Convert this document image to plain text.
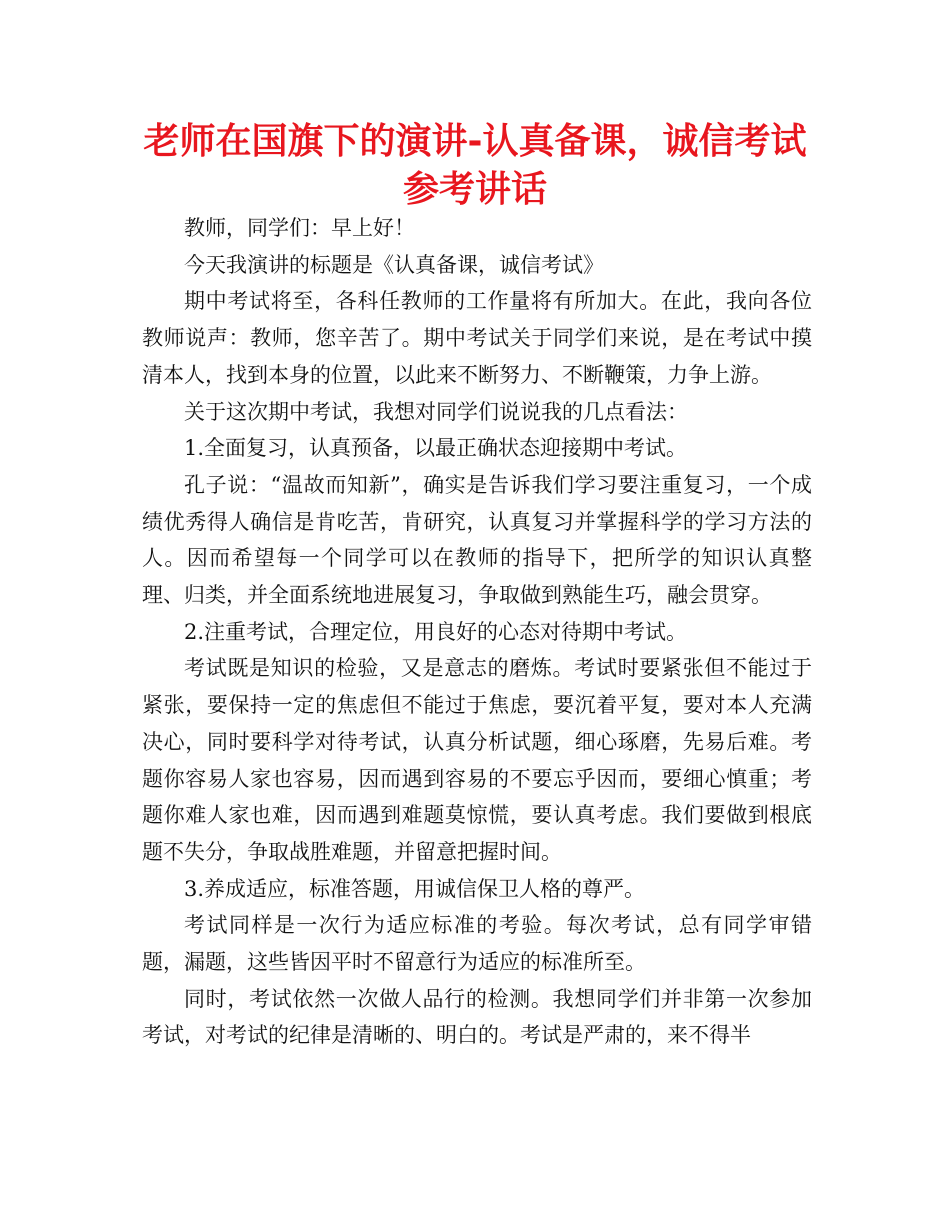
老师在国旗下的演讲-认真备课，诚信考试参考讲话

教师，同学们：早上好！

今天我演讲的标题是《认真备课，诚信考试》

期中考试将至，各科任教师的工作量将有所加大。在此，我向各位教师说声：教师，您辛苦了。期中考试关于同学们来说，是在考试中摸清本人，找到本身的位置，以此来不断努力、不断鞭策，力争上游。

关于这次期中考试，我想对同学们说说我的几点看法：

1.全面复习，认真预备，以最正确状态迎接期中考试。

孔子说：“温故而知新”，确实是告诉我们学习要注重复习，一个成绩优秀得人确信是肯吃苦，肯研究，认真复习并掌握科学的学习方法的人。因而希望每一个同学可以在教师的指导下，把所学的知识认真整理、归类，并全面系统地进展复习，争取做到熟能生巧，融会贯穿。

2.注重考试，合理定位，用良好的心态对待期中考试。

考试既是知识的检验，又是意志的磨炼。考试时要紧张但不能过于紧张，要保持一定的焦虑但不能过于焦虑，要沉着平复，要对本人充满决心，同时要科学对待考试，认真分析试题，细心琢磨，先易后难。考题你容易人家也容易，因而遇到容易的不要忘乎因而，要细心慎重；考题你难人家也难，因而遇到难题莫惊慌，要认真考虑。我们要做到根底题不失分，争取战胜难题，并留意把握时间。

3.养成适应，标准答题，用诚信保卫人格的尊严。

考试同样是一次行为适应标准的考验。每次考试，总有同学审错题，漏题，这些皆因平时不留意行为适应的标准所至。

同时，考试依然一次做人品行的检测。我想同学们并非第一次参加考试，对考试的纪律是清晰的、明白的。考试是严肃的，来不得半
